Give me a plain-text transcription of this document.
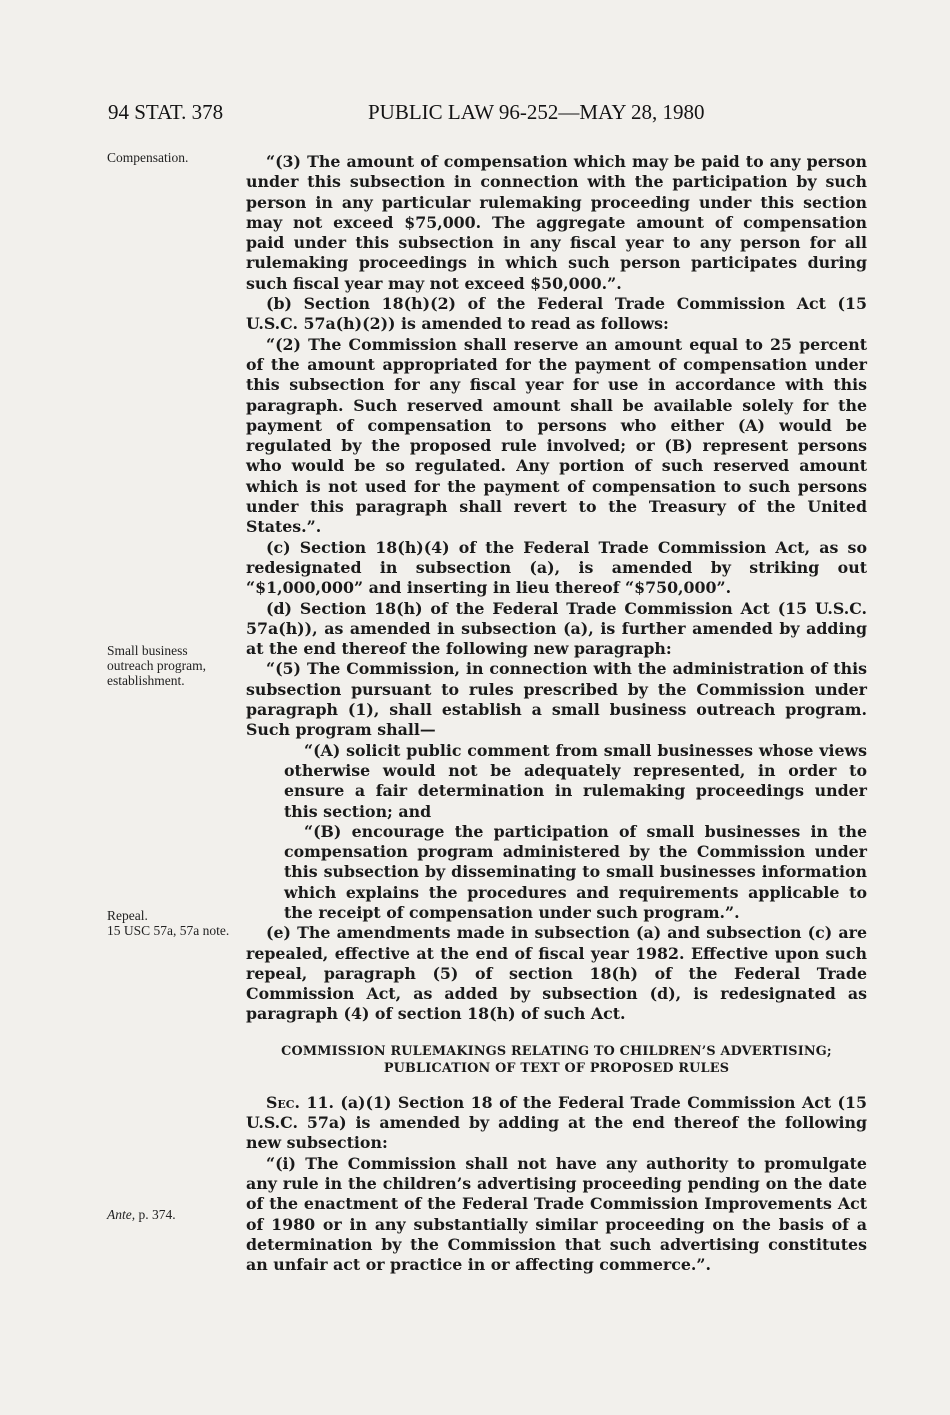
94 STAT. 378	PUBLIC LAW 96-252—MAY 28, 1980
Compensation.
Small business outreach program, establishment.
Repeal.
15 USC 57a, 57a note.
Ante, p. 374.

“(3) The amount of compensation which may be paid to any person under this subsection in connection with the participation by such person in any particular rulemaking proceeding under this section may not exceed $75,000. The aggregate amount of compensation paid under this subsection in any fiscal year to any person for all rulemaking proceedings in which such person participates during such fiscal year may not exceed $50,000.”.

(b) Section 18(h)(2) of the Federal Trade Commission Act (15 U.S.C. 57a(h)(2)) is amended to read as follows:

“(2) The Commission shall reserve an amount equal to 25 percent of the amount appropriated for the payment of compensation under this subsection for any fiscal year for use in accordance with this paragraph. Such reserved amount shall be available solely for the payment of compensation to persons who either (A) would be regulated by the proposed rule involved; or (B) represent persons who would be so regulated. Any portion of such reserved amount which is not used for the payment of compensation to such persons under this paragraph shall revert to the Treasury of the United States.”.

(c) Section 18(h)(4) of the Federal Trade Commission Act, as so redesignated in subsection (a), is amended by striking out “$1,000,000” and inserting in lieu thereof “$750,000”.

(d) Section 18(h) of the Federal Trade Commission Act (15 U.S.C. 57a(h)), as amended in subsection (a), is further amended by adding at the end thereof the following new paragraph:

“(5) The Commission, in connection with the administration of this subsection pursuant to rules prescribed by the Commission under paragraph (1), shall establish a small business outreach program. Such program shall—

“(A) solicit public comment from small businesses whose views otherwise would not be adequately represented, in order to ensure a fair determination in rulemaking proceedings under this section; and

“(B) encourage the participation of small businesses in the compensation program administered by the Commission under this subsection by disseminating to small businesses information which explains the procedures and requirements applicable to the receipt of compensation under such program.”.

(e) The amendments made in subsection (a) and subsection (c) are repealed, effective at the end of fiscal year 1982. Effective upon such repeal, paragraph (5) of section 18(h) of the Federal Trade Commission Act, as added by subsection (d), is redesignated as paragraph (4) of section 18(h) of such Act.

COMMISSION RULEMAKINGS RELATING TO CHILDREN’S ADVERTISING;
PUBLICATION OF TEXT OF PROPOSED RULES

Sec. 11. (a)(1) Section 18 of the Federal Trade Commission Act (15 U.S.C. 57a) is amended by adding at the end thereof the following new subsection:

“(i) The Commission shall not have any authority to promulgate any rule in the children’s advertising proceeding pending on the date of the enactment of the Federal Trade Commission Improvements Act of 1980 or in any substantially similar proceeding on the basis of a determination by the Commission that such advertising constitutes an unfair act or practice in or affecting commerce.”.
